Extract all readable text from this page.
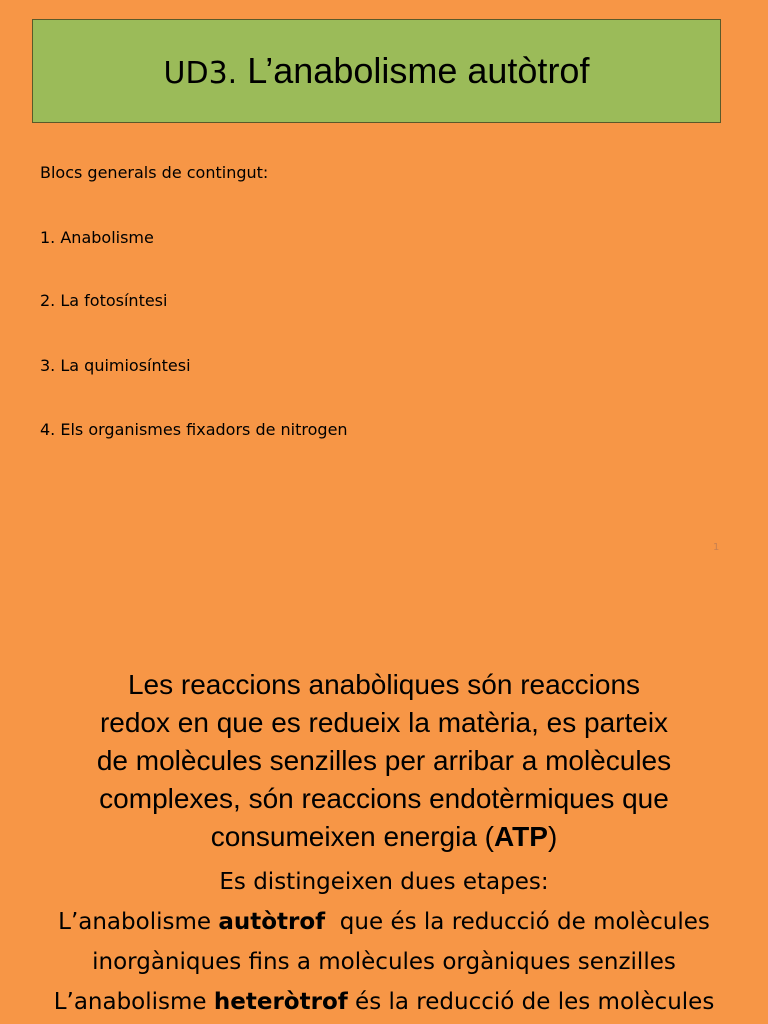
UD3. L’anabolisme autòtrof
Blocs generals de contingut:
1. Anabolisme
2. La fotosíntesi
3. La quimiosíntesi
4. Els organismes fixadors de nitrogen
1
Les reaccions anabòliques són reaccions
redox en que es redueix la matèria, es parteix
de molècules senzilles per arribar a molècules
complexes, són reaccions endotèrmiques que
consumeixen energia (ATP)
Es distingeixen dues etapes:
L’anabolisme autòtrof  que és la reducció de molècules
inorgàniques fins a molècules orgàniques senzilles
L’anabolisme heteròtrof és la reducció de les molècules
